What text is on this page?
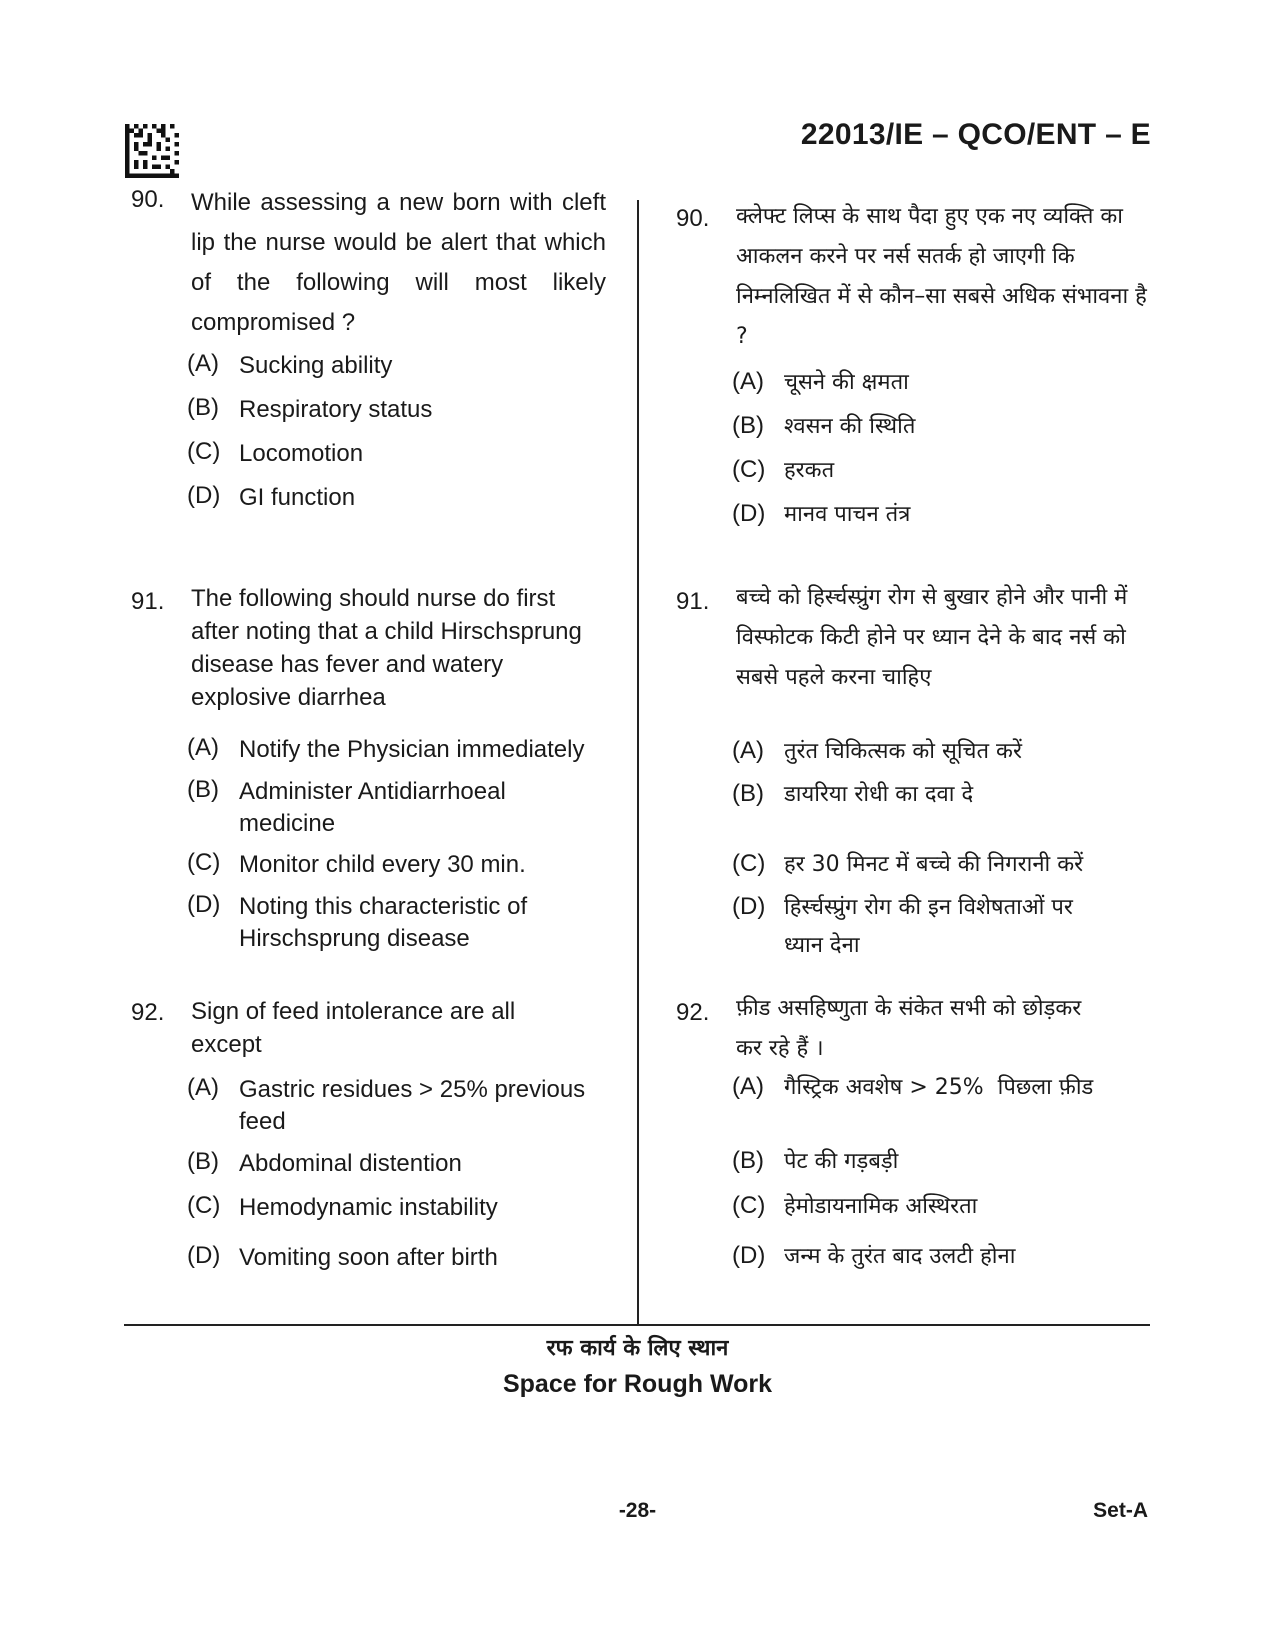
22013/IE – QCO/ENT – E
90. While assessing a new born with cleft lip the nurse would be alert that which of the following will most likely compromised ?
(A) Sucking ability
(B) Respiratory status
(C) Locomotion
(D) GI function
91. The following should nurse do first after noting that a child Hirschsprung disease has fever and watery explosive diarrhea
(A) Notify the Physician immediately
(B) Administer Antidiarrhoeal medicine
(C) Monitor child every 30 min.
(D) Noting this characteristic of Hirschsprung disease
92. Sign of feed intolerance are all except
(A) Gastric residues > 25% previous feed
(B) Abdominal distention
(C) Hemodynamic instability
(D) Vomiting soon after birth
90. क्लेफ्ट लिप्स के साथ पैदा हुए एक नए व्यक्ति का आकलन करने पर नर्स सतर्क हो जाएगी कि निम्नलिखित में से कौन–सा सबसे अधिक संभावना है ?
(A) चूसने की क्षमता
(B) श्वसन की स्थिति
(C) हरकत
(D) मानव पाचन तंत्र
91. बच्चे को हिर्स्चस्प्रुंग रोग से बुखार होने और पानी में विस्फोटक किटी होने पर ध्यान देने के बाद नर्स को सबसे पहले करना चाहिए
(A) तुरंत चिकित्सक को सूचित करें
(B) डायरिया रोधी का दवा दे
(C) हर 30 मिनट में बच्चे की निगरानी करें
(D) हिर्स्चस्प्रुंग रोग की इन विशेषताओं पर ध्यान देना
92. फ़ीड असहिष्णुता के संकेत सभी को छोड़कर कर रहे हैं ।
(A) गैस्ट्रिक अवशेष > 25%  पिछला फ़ीड
(B) पेट की गड़बड़ी
(C) हेमोडायनामिक अस्थिरता
(D) जन्म के तुरंत बाद उलटी होना
रफ कार्य के लिए स्थान
Space for Rough Work
-28-	Set-A
